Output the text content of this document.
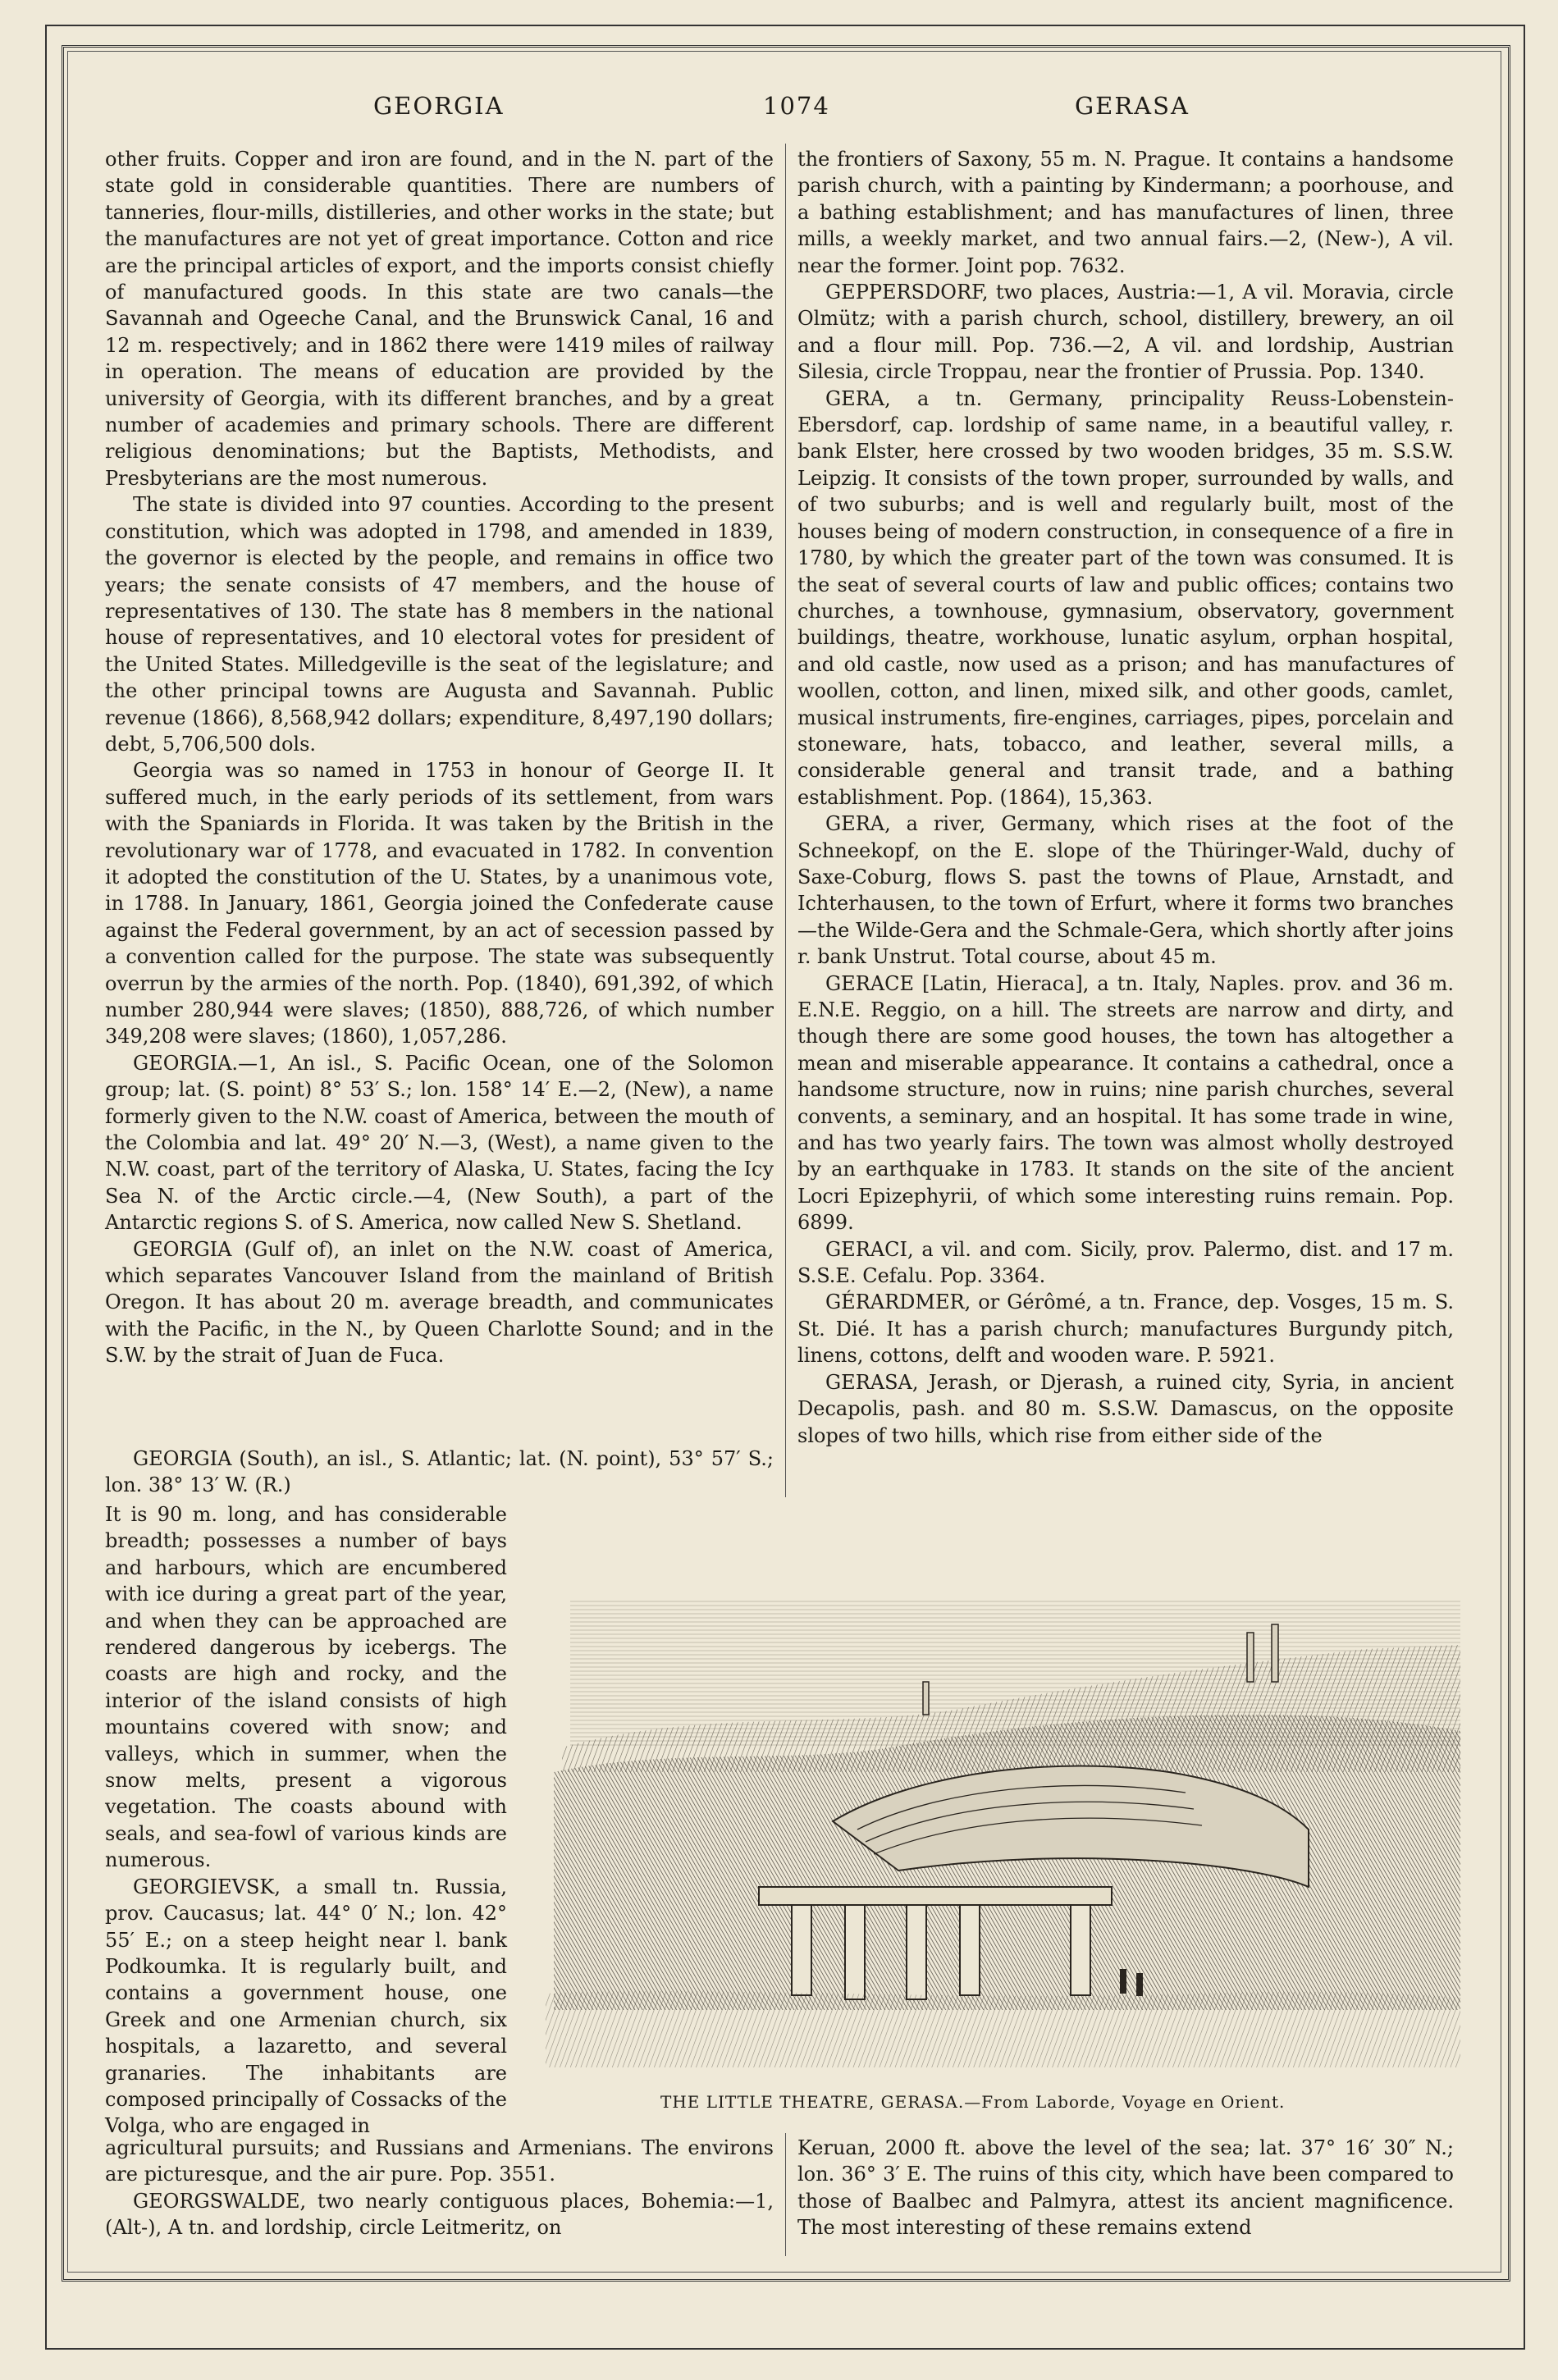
GEORGIA	1074	GERASA

other fruits. Copper and iron are found, and in the N. part of the state gold in considerable quantities. There are numbers of tanneries, flour-mills, distilleries, and other works in the state; but the manufactures are not yet of great importance. Cotton and rice are the principal articles of export, and the imports consist chiefly of manufactured goods. In this state are two canals—the Savannah and Ogeeche Canal, and the Brunswick Canal, 16 and 12 m. respectively; and in 1862 there were 1419 miles of railway in operation. The means of education are provided by the university of Georgia, with its different branches, and by a great number of academies and primary schools. There are different religious denominations; but the Baptists, Methodists, and Presbyterians are the most numerous.

The state is divided into 97 counties. According to the present constitution, which was adopted in 1798, and amended in 1839, the governor is elected by the people, and remains in office two years; the senate consists of 47 members, and the house of representatives of 130. The state has 8 members in the national house of representatives, and 10 electoral votes for president of the United States. Milledgeville is the seat of the legislature; and the other principal towns are Augusta and Savannah. Public revenue (1866), 8,568,942 dollars; expenditure, 8,497,190 dollars; debt, 5,706,500 dols.

Georgia was so named in 1753 in honour of George II. It suffered much, in the early periods of its settlement, from wars with the Spaniards in Florida. It was taken by the British in the revolutionary war of 1778, and evacuated in 1782. In convention it adopted the constitution of the U. States, by a unanimous vote, in 1788. In January, 1861, Georgia joined the Confederate cause against the Federal government, by an act of secession passed by a convention called for the purpose. The state was subsequently overrun by the armies of the north. Pop. (1840), 691,392, of which number 280,944 were slaves; (1850), 888,726, of which number 349,208 were slaves; (1860), 1,057,286.

GEORGIA.—1, An isl., S. Pacific Ocean, one of the Solomon group; lat. (S. point) 8° 53′ S.; lon. 158° 14′ E.—2, (New), a name formerly given to the N.W. coast of America, between the mouth of the Colombia and lat. 49° 20′ N.—3, (West), a name given to the N.W. coast, part of the territory of Alaska, U. States, facing the Icy Sea N. of the Arctic circle.—4, (New South), a part of the Antarctic regions S. of S. America, now called New S. Shetland.

GEORGIA (Gulf of), an inlet on the N.W. coast of America, which separates Vancouver Island from the mainland of British Oregon. It has about 20 m. average breadth, and communicates with the Pacific, in the N., by Queen Charlotte Sound; and in the S.W. by the strait of Juan de Fuca.

GEORGIA (South), an isl., S. Atlantic; lat. (N. point), 53° 57′ S.; lon. 38° 13′ W. (R.)

It is 90 m. long, and has considerable breadth; possesses a number of bays and harbours, which are encumbered with ice during a great part of the year, and when they can be approached are rendered dangerous by icebergs. The coasts are high and rocky, and the interior of the island consists of high mountains covered with snow; and valleys, which in summer, when the snow melts, present a vigorous vegetation. The coasts abound with seals, and sea-fowl of various kinds are numerous.

GEORGIEVSK, a small tn. Russia, prov. Caucasus; lat. 44° 0′ N.; lon. 42° 55′ E.; on a steep height near l. bank Podkoumka. It is regularly built, and contains a government house, one Greek and one Armenian church, six hospitals, a lazaretto, and several granaries. The inhabitants are composed principally of Cossacks of the Volga, who are engaged in

agricultural pursuits; and Russians and Armenians. The environs are picturesque, and the air pure. Pop. 3551.

GEORGSWALDE, two nearly contiguous places, Bohemia:—1, (Alt-), A tn. and lordship, circle Leitmeritz, on

the frontiers of Saxony, 55 m. N. Prague. It contains a handsome parish church, with a painting by Kindermann; a poorhouse, and a bathing establishment; and has manufactures of linen, three mills, a weekly market, and two annual fairs.—2, (New-), A vil. near the former. Joint pop. 7632.

GEPPERSDORF, two places, Austria:—1, A vil. Moravia, circle Olmütz; with a parish church, school, distillery, brewery, an oil and a flour mill. Pop. 736.—2, A vil. and lordship, Austrian Silesia, circle Troppau, near the frontier of Prussia. Pop. 1340.

GERA, a tn. Germany, principality Reuss-Lobenstein-Ebersdorf, cap. lordship of same name, in a beautiful valley, r. bank Elster, here crossed by two wooden bridges, 35 m. S.S.W. Leipzig. It consists of the town proper, surrounded by walls, and of two suburbs; and is well and regularly built, most of the houses being of modern construction, in consequence of a fire in 1780, by which the greater part of the town was consumed. It is the seat of several courts of law and public offices; contains two churches, a townhouse, gymnasium, observatory, government buildings, theatre, workhouse, lunatic asylum, orphan hospital, and old castle, now used as a prison; and has manufactures of woollen, cotton, and linen, mixed silk, and other goods, camlet, musical instruments, fire-engines, carriages, pipes, porcelain and stoneware, hats, tobacco, and leather, several mills, a considerable general and transit trade, and a bathing establishment. Pop. (1864), 15,363.

GERA, a river, Germany, which rises at the foot of the Schneekopf, on the E. slope of the Thüringer-Wald, duchy of Saxe-Coburg, flows S. past the towns of Plaue, Arnstadt, and Ichterhausen, to the town of Erfurt, where it forms two branches—the Wilde-Gera and the Schmale-Gera, which shortly after joins r. bank Unstrut. Total course, about 45 m.

GERACE [Latin, Hieraca], a tn. Italy, Naples. prov. and 36 m. E.N.E. Reggio, on a hill. The streets are narrow and dirty, and though there are some good houses, the town has altogether a mean and miserable appearance. It contains a cathedral, once a handsome structure, now in ruins; nine parish churches, several convents, a seminary, and an hospital. It has some trade in wine, and has two yearly fairs. The town was almost wholly destroyed by an earthquake in 1783. It stands on the site of the ancient Locri Epizephyrii, of which some interesting ruins remain. Pop. 6899.

GERACI, a vil. and com. Sicily, prov. Palermo, dist. and 17 m. S.S.E. Cefalu. Pop. 3364.

GÉRARDMER, or Gérômé, a tn. France, dep. Vosges, 15 m. S. St. Dié. It has a parish church; manufactures Burgundy pitch, linens, cottons, delft and wooden ware. P. 5921.

GERASA, Jerash, or Djerash, a ruined city, Syria, in ancient Decapolis, pash. and 80 m. S.S.W. Damascus, on the opposite slopes of two hills, which rise from either side of the

Keruan, 2000 ft. above the level of the sea; lat. 37° 16′ 30″ N.; lon. 36° 3′ E. The ruins of this city, which have been compared to those of Baalbec and Palmyra, attest its ancient magnificence. The most interesting of these remains extend

THE LITTLE THEATRE, GERASA.—From Laborde, Voyage en Orient.
